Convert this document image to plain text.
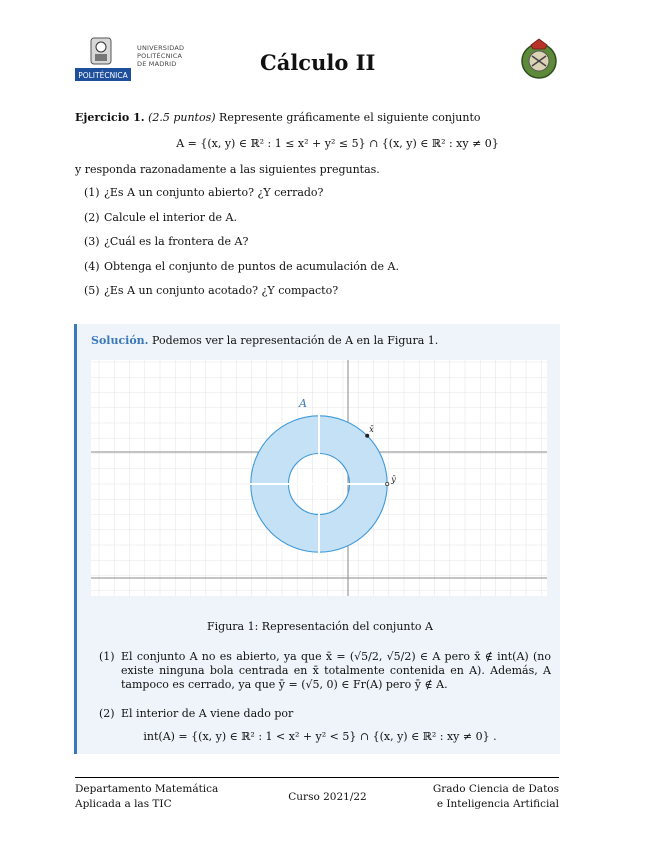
POLITÉCNICA
UNIVERSIDAD
POLITÉCNICA
DE MADRID	Cálculo II
Ejercicio 1. (2.5 puntos) Represente gráficamente el siguiente conjunto
A = {(x, y) ∈ ℝ² : 1 ≤ x² + y² ≤ 5} ∩ {(x, y) ∈ ℝ² : xy ≠ 0}
y responda razonadamente a las siguientes preguntas.
(1) ¿Es A un conjunto abierto? ¿Y cerrado?
(2) Calcule el interior de A.
(3) ¿Cuál es la frontera de A?
(4) Obtenga el conjunto de puntos de acumulación de A.
(5) ¿Es A un conjunto acotado? ¿Y compacto?
Solución. Podemos ver la representación de A en la Figura 1.
A
x̄
ȳ
Figura 1: Representación del conjunto A
(1) El conjunto A no es abierto, ya que x̄ = (√5/2, √5/2) ∈ A pero x̄ ∉ int(A) (no existe ninguna bola centrada en x̄ totalmente contenida en A). Además, A tampoco es cerrado, ya que ȳ = (√5, 0) ∈ Fr(A) pero ȳ ∉ A.
(2) El interior de A viene dado por
int(A) = {(x, y) ∈ ℝ² : 1 < x² + y² < 5} ∩ {(x, y) ∈ ℝ² : xy ≠ 0} .
Departamento Matemática
Aplicada a las TIC
Curso 2021/22
Grado Ciencia de Datos
e Inteligencia Artificial
